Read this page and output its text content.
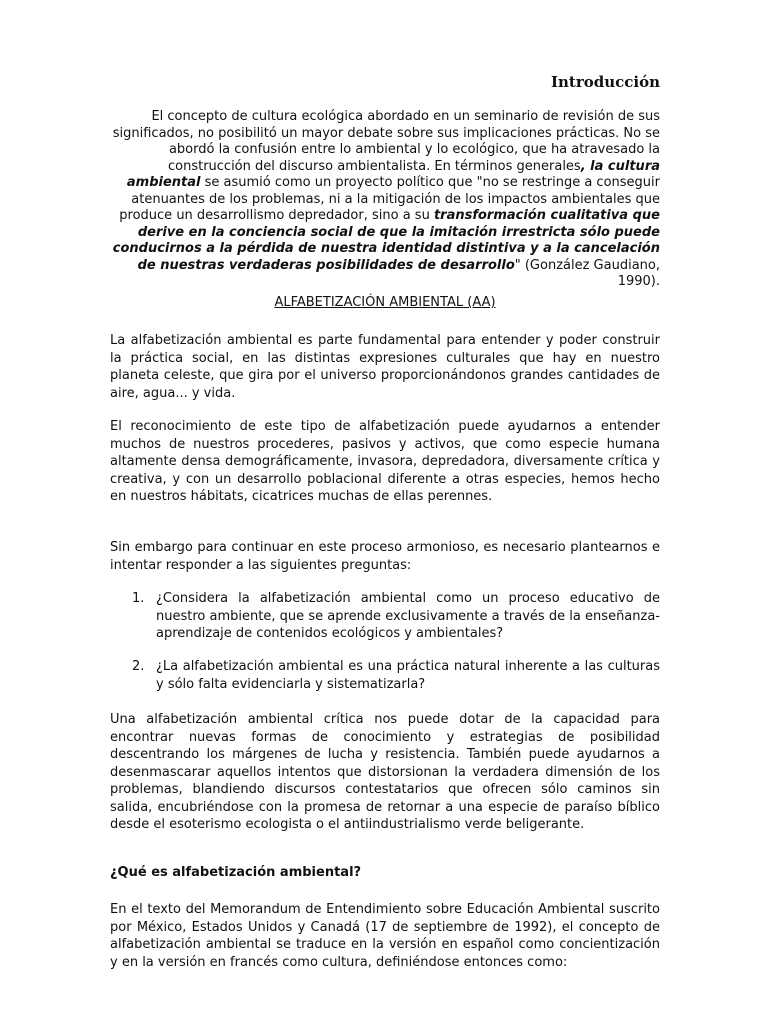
Introducción

El concepto de cultura ecológica abordado en un seminario de revisión de sus significados, no posibilitó un mayor debate sobre sus implicaciones prácticas. No se abordó la confusión entre lo ambiental y lo ecológico, que ha atravesado la construcción del discurso ambientalista. En términos generales, la cultura ambiental se asumió como un proyecto político que "no se restringe a conseguir atenuantes de los problemas, ni a la mitigación de los impactos ambientales que produce un desarrollismo depredador, sino a su transformación cualitativa que derive en la conciencia social de que la imitación irrestricta sólo puede conducirnos a la pérdida de nuestra identidad distintiva y a la cancelación de nuestras verdaderas posibilidades de desarrollo" (González Gaudiano, 1990).

ALFABETIZACIÓN AMBIENTAL (AA)

La alfabetización ambiental es parte fundamental para entender y poder construir la práctica social, en las distintas expresiones culturales que hay en nuestro planeta celeste, que gira por el universo proporcionándonos grandes cantidades de aire, agua... y vida.

El reconocimiento de este tipo de alfabetización puede ayudarnos a entender muchos de nuestros procederes, pasivos y activos, que como especie humana altamente densa demográficamente, invasora, depredadora, diversamente crítica y creativa, y con un desarrollo poblacional diferente a otras especies, hemos hecho en nuestros hábitats, cicatrices muchas de ellas perennes.

Sin embargo para continuar en este proceso armonioso, es necesario plantearnos e intentar responder a las siguientes preguntas:

1. ¿Considera la alfabetización ambiental como un proceso educativo de nuestro ambiente, que se aprende exclusivamente a través de la enseñanza- aprendizaje de contenidos ecológicos y ambientales?
2. ¿La alfabetización ambiental es una práctica natural inherente a las culturas y sólo falta evidenciarla y sistematizarla?

Una alfabetización ambiental crítica nos puede dotar de la capacidad para encontrar nuevas formas de conocimiento y estrategias de posibilidad descentrando los márgenes de lucha y resistencia. También puede ayudarnos a desenmascarar aquellos intentos que distorsionan la verdadera dimensión de los problemas, blandiendo discursos contestatarios que ofrecen sólo caminos sin salida, encubriéndose con la promesa de retornar a una especie de paraíso bíblico desde el esoterismo ecologista o el antiindustrialismo verde beligerante.

¿Qué es alfabetización ambiental?

En el texto del Memorandum de Entendimiento sobre Educación Ambiental suscrito por México, Estados Unidos y Canadá (17 de septiembre de 1992), el concepto de alfabetización ambiental se traduce en la versión en español como concientización y en la versión en francés como cultura, definiéndose entonces como:
